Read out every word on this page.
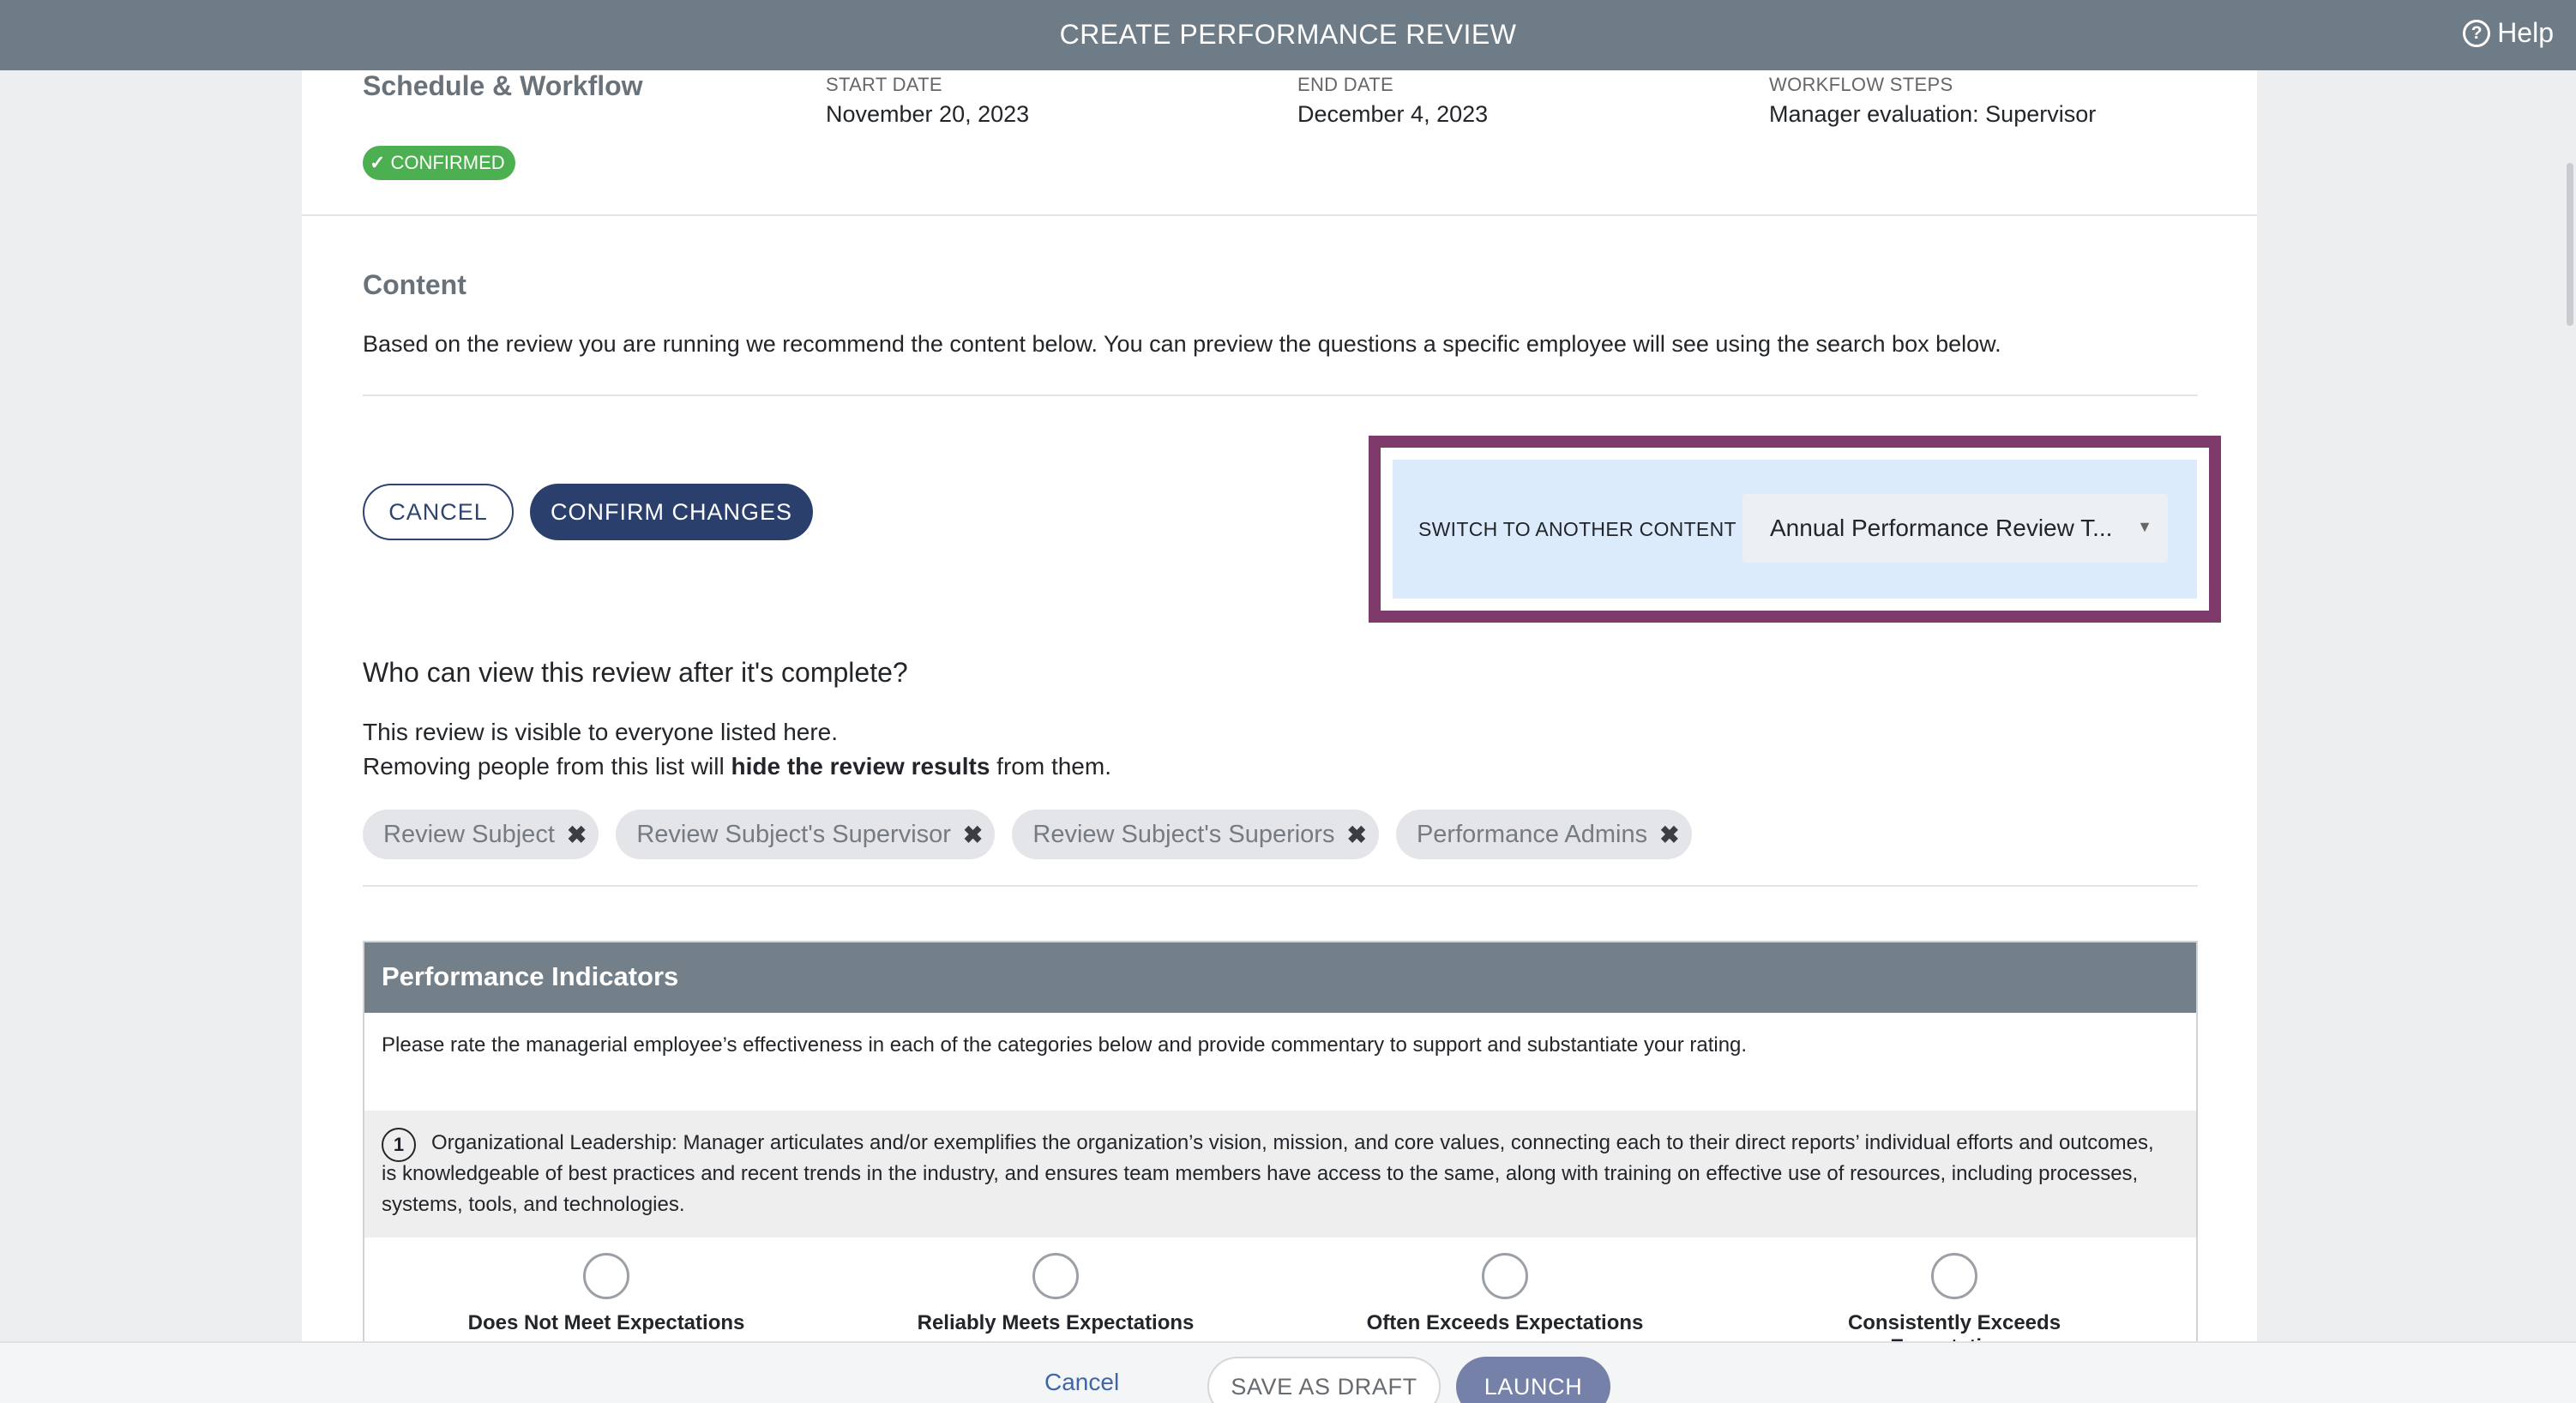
CREATE PERFORMANCE REVIEW	? Help
Schedule & Workflow
✓ CONFIRMED
START DATE
November 20, 2023
END DATE
December 4, 2023
WORKFLOW STEPS
Manager evaluation: Supervisor
Content
Based on the review you are running we recommend the content below. You can preview the questions a specific employee will see using the search box below.
CANCEL	CONFIRM CHANGES
SWITCH TO ANOTHER CONTENT Annual Performance Review T... ▼
Who can view this review after it's complete?
This review is visible to everyone listed here.
Removing people from this list will hide the review results from them.
Review Subject ✖ Review Subject's Supervisor ✖ Review Subject's Superiors ✖ Performance Admins ✖
Performance Indicators
Please rate the managerial employee’s effectiveness in each of the categories below and provide commentary to support and substantiate your rating.
1	Organizational Leadership: Manager articulates and/or exemplifies the organization’s vision, mission, and core values, connecting each to their direct reports’ individual efforts and outcomes, is knowledgeable of best practices and recent trends in the industry, and ensures team members have access to the same, along with training on effective use of resources, including processes, systems, tools, and technologies.
Does Not Meet Expectations	Reliably Meets Expectations	Often Exceeds Expectations	Consistently Exceeds
Cancel	SAVE AS DRAFT	LAUNCH
